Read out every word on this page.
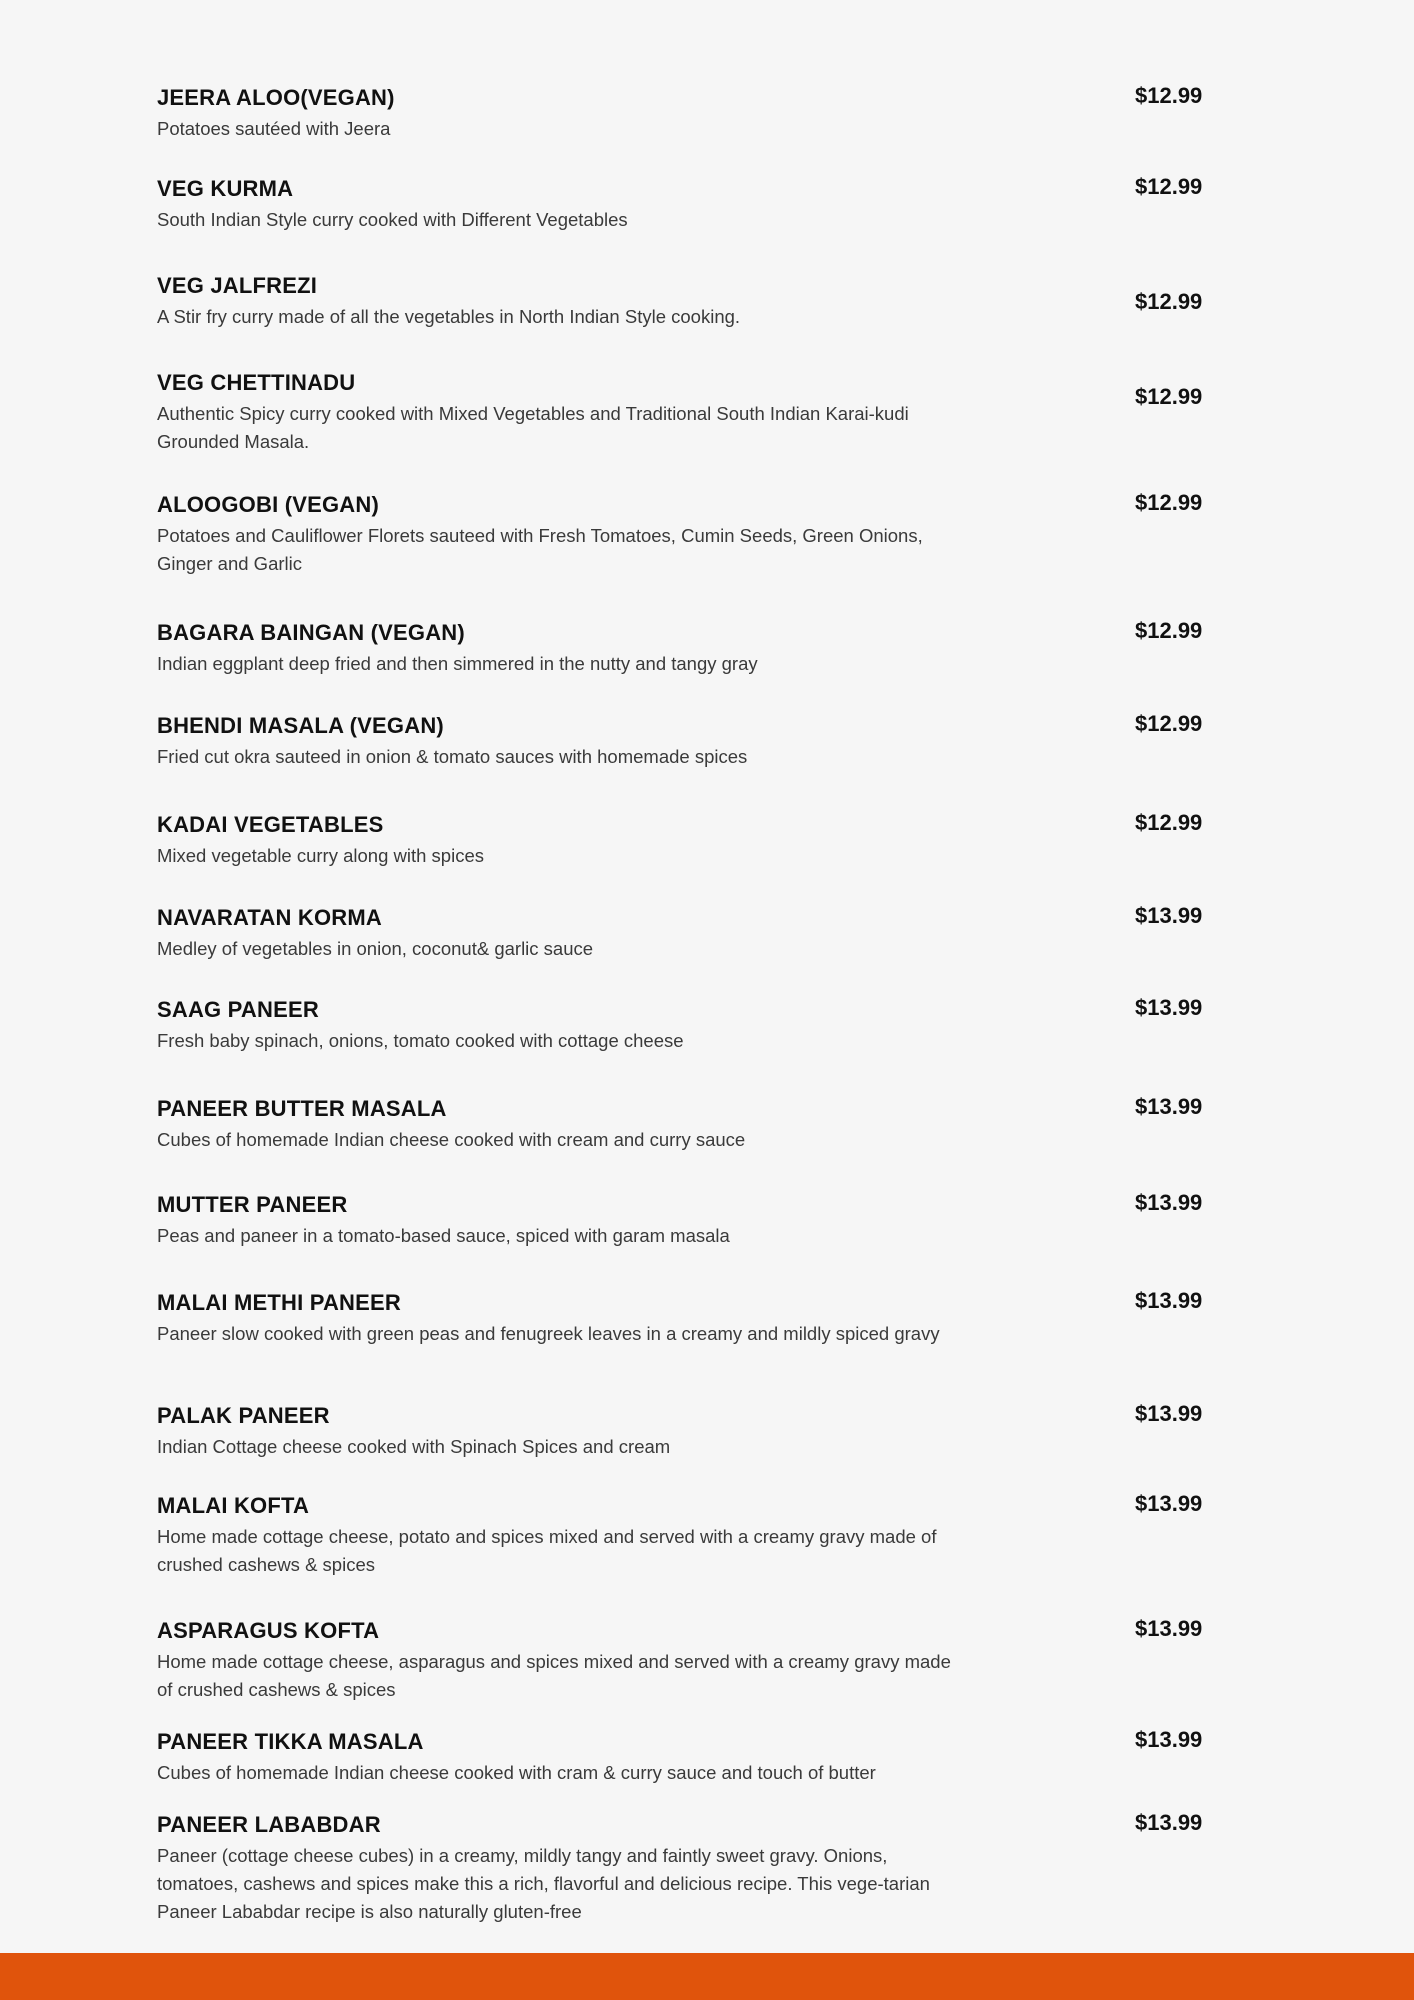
JEERA ALOO(VEGAN)
Potatoes sautéed with Jeera
$12.99
VEG KURMA
South Indian Style curry cooked with Different Vegetables
$12.99
VEG JALFREZI
A Stir fry curry made of all the vegetables in North Indian Style cooking.
$12.99
VEG CHETTINADU
Authentic Spicy curry cooked with Mixed Vegetables and Traditional South Indian Karai-kudi Grounded Masala.
$12.99
ALOOGOBI (VEGAN)
Potatoes and Cauliflower Florets sauteed with Fresh Tomatoes, Cumin Seeds, Green Onions, Ginger and Garlic
$12.99
BAGARA BAINGAN (VEGAN)
Indian eggplant deep fried and then simmered in the nutty and tangy gray
$12.99
BHENDI MASALA (VEGAN)
Fried cut okra sauteed in onion & tomato sauces with homemade spices
$12.99
KADAI VEGETABLES
Mixed vegetable curry along with spices
$12.99
NAVARATAN KORMA
Medley of vegetables in onion, coconut& garlic sauce
$13.99
SAAG PANEER
Fresh baby spinach, onions, tomato cooked with cottage cheese
$13.99
PANEER BUTTER MASALA
Cubes of homemade Indian cheese cooked with cream and curry sauce
$13.99
MUTTER PANEER
Peas and paneer in a tomato-based sauce, spiced with garam masala
$13.99
MALAI METHI PANEER
Paneer slow cooked with green peas and fenugreek leaves in a creamy and mildly spiced gravy
$13.99
PALAK PANEER
Indian Cottage cheese cooked with Spinach Spices and cream
$13.99
MALAI KOFTA
Home made cottage cheese, potato and spices mixed and served with a creamy gravy made of crushed cashews & spices
$13.99
ASPARAGUS KOFTA
Home made cottage cheese, asparagus and spices mixed and served with a creamy gravy made of crushed cashews & spices
$13.99
PANEER TIKKA MASALA
Cubes of homemade Indian cheese cooked with cram & curry sauce and touch of butter
$13.99
PANEER LABABDAR
Paneer (cottage cheese cubes) in a creamy, mildly tangy and faintly sweet gravy. Onions, tomatoes, cashews and spices make this a rich, flavorful and delicious recipe. This vege-tarian Paneer Lababdar recipe is also naturally gluten-free
$13.99
